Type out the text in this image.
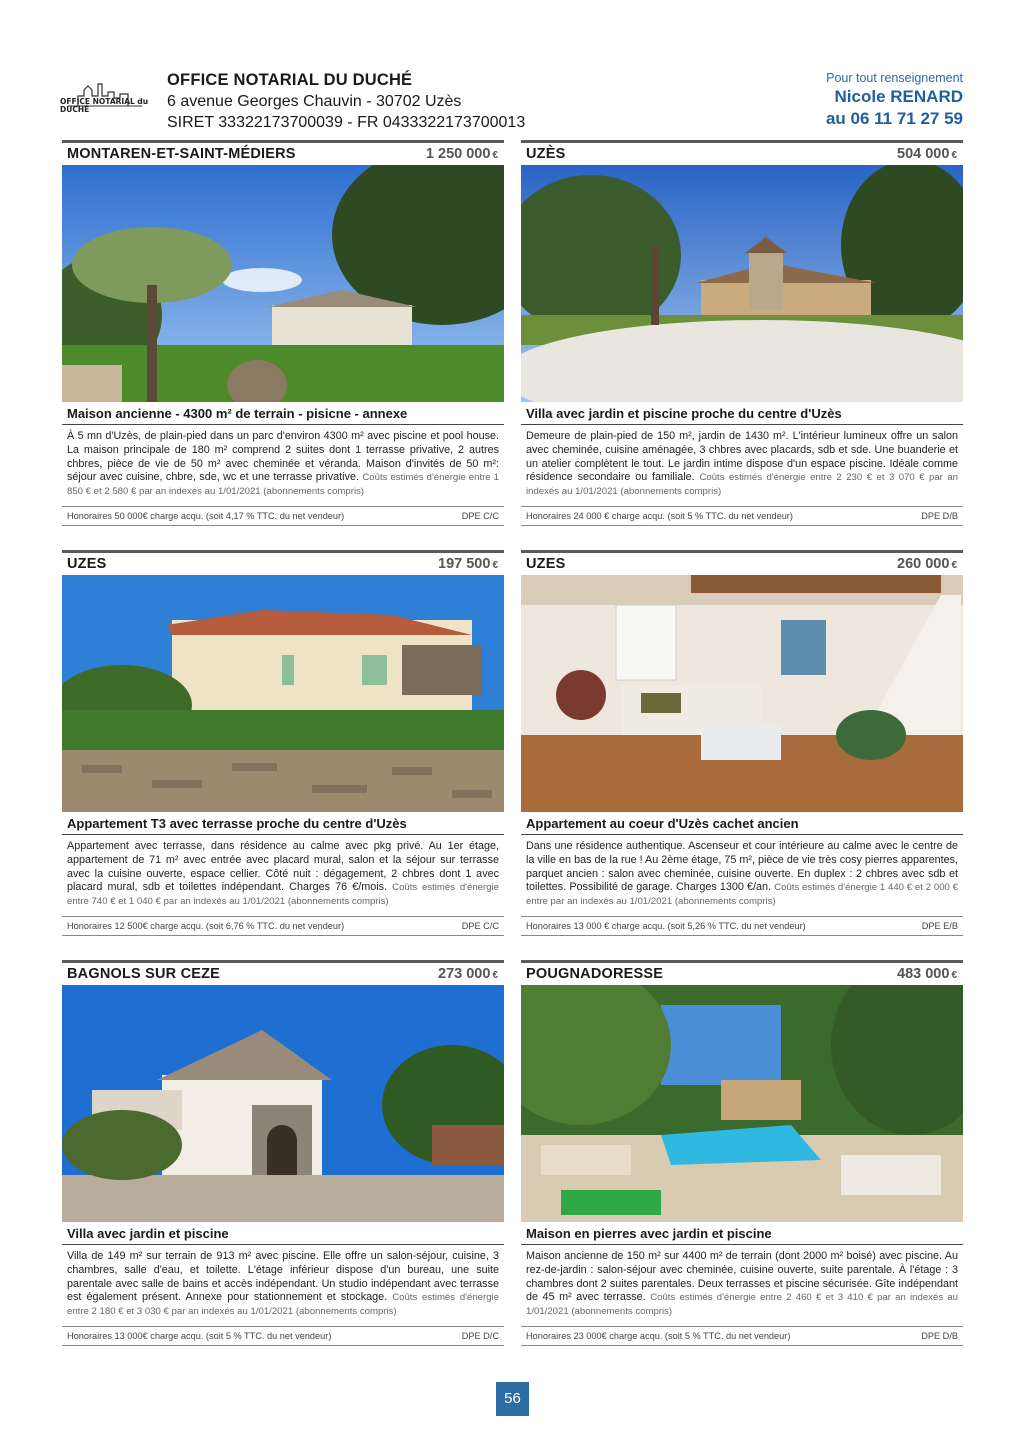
OFFICE NOTARIAL du DUCHÉ
OFFICE NOTARIAL DU DUCHÉ
6 avenue Georges Chauvin - 30702 Uzès
SIRET 33322173700039 - FR 0433322173700013
Pour tout renseignement
Nicole RENARD
au 06 11 71 27 59
MONTAREN-ET-SAINT-MÉDIERS	1 250 000 €
Maison ancienne - 4300 m² de terrain - pisicne - annexe
À 5 mn d'Uzès, de plain-pied dans un parc d'environ 4300 m² avec piscine et pool house. La maison principale de 180 m² comprend 2 suites dont 1 terrasse privative, 2 autres chbres, pièce de vie de 50 m² avec cheminée et véranda. Maison d'invités de 50 m²: séjour avec cuisine, chbre, sde, wc et une terrasse privative. Coûts estimés d'énergie entre 1 850 € et 2 580 € par an indexés au 1/01/2021 (abonnements compris)
Honoraires 50 000€ charge acqu. (soit 4,17 % TTC. du net vendeur)	DPE C/C
UZÈS	504 000 €
Villa avec jardin et piscine proche du centre d'Uzès
Demeure de plain-pied de 150 m², jardin de 1430 m². L'intérieur lumineux offre un salon avec cheminée, cuisine aménagée, 3 chbres avec placards, sdb et sde. Une buanderie et un atelier complètent le tout. Le jardin intime dispose d'un espace piscine. Idéale comme résidence secondaire ou familiale. Coûts estimés d'énergie entre 2 230 € et 3 070 € par an indexés au 1/01/2021 (abonnements compris)
Honoraires 24 000 € charge acqu. (soit 5 % TTC. du net vendeur)	DPE D/B
UZES	197 500 €
Appartement T3 avec terrasse proche du centre d'Uzès
Appartement avec terrasse, dans résidence au calme avec pkg privé. Au 1er étage, appartement de 71 m² avec entrée avec placard mural, salon et la séjour sur terrasse avec la cuisine ouverte, espace cellier. Côté nuit : dégagement, 2 chbres dont 1 avec placard mural, sdb et toilettes indépendant. Charges 76 €/mois. Coûts estimés d'énergie entre 740 € et 1 040 € par an indexés au 1/01/2021 (abonnements compris)
Honoraires 12 500€ charge acqu. (soit 6,76 % TTC. du net vendeur)	DPE C/C
UZES	260 000 €
Appartement au coeur d'Uzès cachet ancien
Dans une résidence authentique. Ascenseur et cour intérieure au calme avec le centre de la ville en bas de la rue ! Au 2ème étage, 75 m², pièce de vie très cosy pierres apparentes, parquet ancien : salon avec cheminée, cuisine ouverte. En duplex : 2 chbres avec sdb et toilettes. Possibilité de garage. Charges 1300 €/an. Coûts estimés d'énergie 1 440 € et 2 000 € entre par an indexés au 1/01/2021 (abonnements compris)
Honoraires 13 000 € charge acqu. (soit 5,26 % TTC. du net vendeur)	DPE E/B
BAGNOLS SUR CEZE	273 000 €
Villa avec jardin et piscine
Villa de 149 m² sur terrain de 913 m² avec piscine. Elle offre un salon-séjour, cuisine, 3 chambres, salle d'eau, et toilette. L'étage inférieur dispose d'un bureau, une suite parentale avec salle de bains et accès indépendant. Un studio indépendant avec terrasse est également présent. Annexe pour stationnement et stockage. Coûts estimés d'énergie entre 2 180 € et 3 030 € par an indexés au 1/01/2021 (abonnements compris)
Honoraires 13 000€ charge acqu. (soit 5 % TTC. du net vendeur)	DPE D/C
POUGNADORESSE	483 000 €
Maison en pierres avec jardin et piscine
Maison ancienne de 150 m² sur 4400 m² de terrain (dont 2000 m² boisé) avec piscine. Au rez-de-jardin : salon-séjour avec cheminée, cuisine ouverte, suite parentale. À l'étage : 3 chambres dont 2 suites parentales. Deux terrasses et piscine sécurisée. Gîte indépendant de 45 m² avec terrasse. Coûts estimés d'énergie entre 2 460 € et 3 410 € par an indexés au 1/01/2021 (abonnements compris)
Honoraires 23 000€ charge acqu. (soit 5 % TTC. du net vendeur)	DPE D/B
56
